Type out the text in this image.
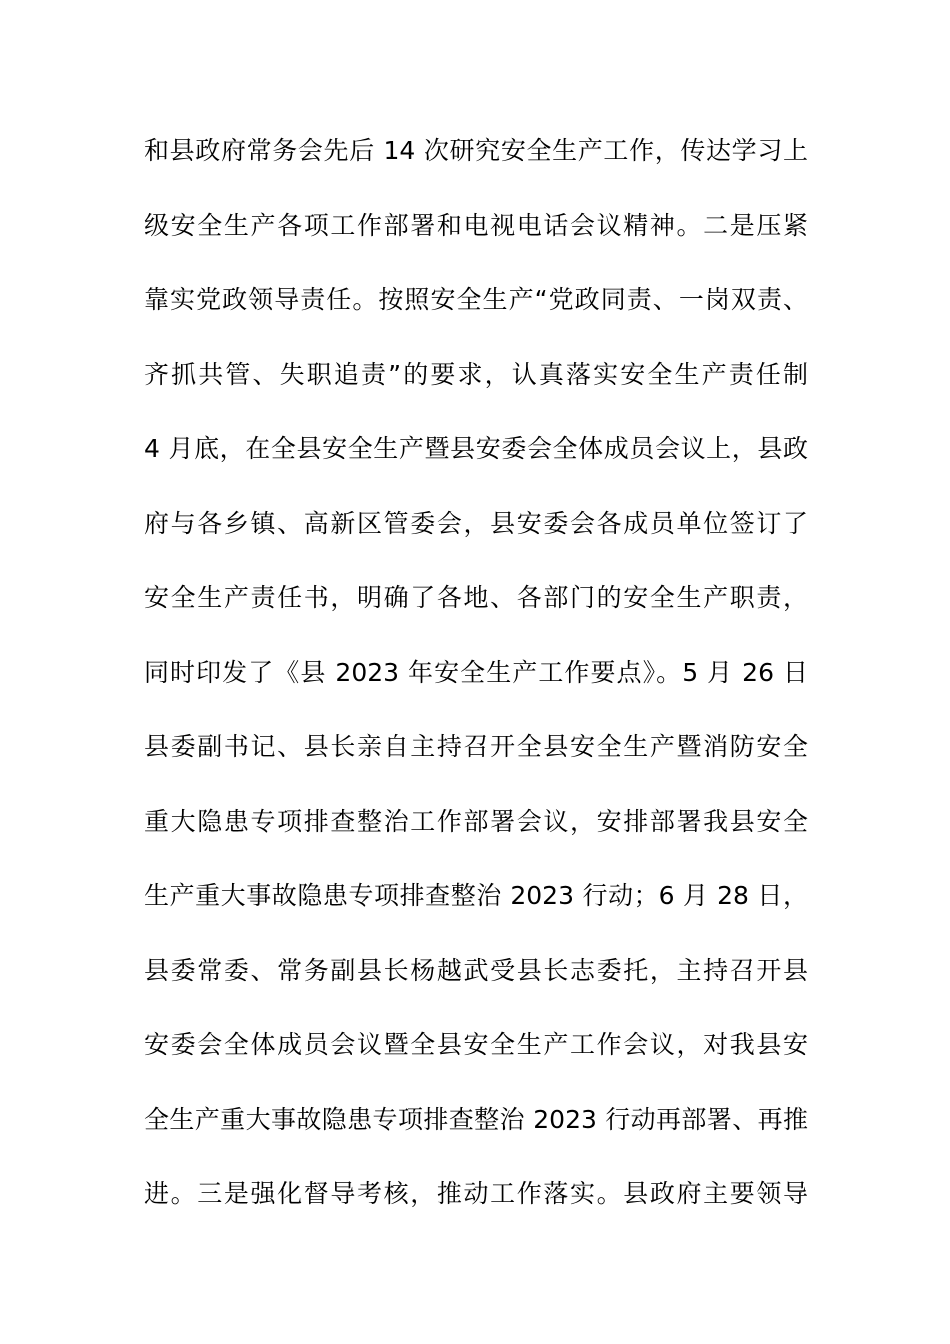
和县政府常务会先后 14 次研究安全生产工作，传达学习上
级安全生产各项工作部署和电视电话会议精神。二是压紧
靠实党政领导责任。按照安全生产“党政同责、一岗双责、
齐抓共管、失职追责”的要求，认真落实安全生产责任制
4 月底，在全县安全生产暨县安委会全体成员会议上，县政
府与各乡镇、高新区管委会，县安委会各成员单位签订了
安全生产责任书，明确了各地、各部门的安全生产职责，
同时印发了《县 2023 年安全生产工作要点》。5 月 26 日
县委副书记、县长亲自主持召开全县安全生产暨消防安全
重大隐患专项排查整治工作部署会议，安排部署我县安全
生产重大事故隐患专项排查整治 2023 行动；6 月 28 日，
县委常委、常务副县长杨越武受县长志委托，主持召开县
安委会全体成员会议暨全县安全生产工作会议，对我县安
全生产重大事故隐患专项排查整治 2023 行动再部署、再推
进。三是强化督导考核，推动工作落实。县政府主要领导
